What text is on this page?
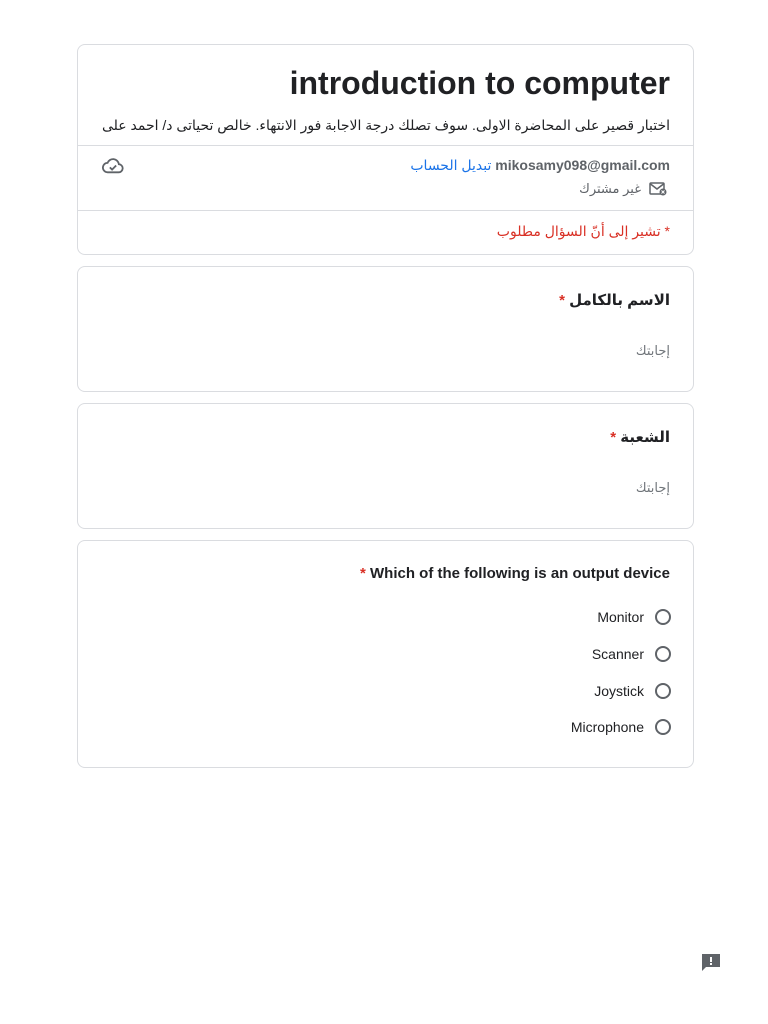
introduction to computer
اختبار قصير على المحاضرة الاولى. سوف تصلك درجة الاجابة فور الانتهاء. خالص تحياتى د/ احمد على
تبديل الحساب mikosamy098@gmail.com
غير مشترك
* تشير إلى أنّ السؤال مطلوب
الاسم بالكامل *
إجابتك
الشعبة *
إجابتك
* Which of the following is an output device
Monitor
Scanner
Joystick
Microphone
